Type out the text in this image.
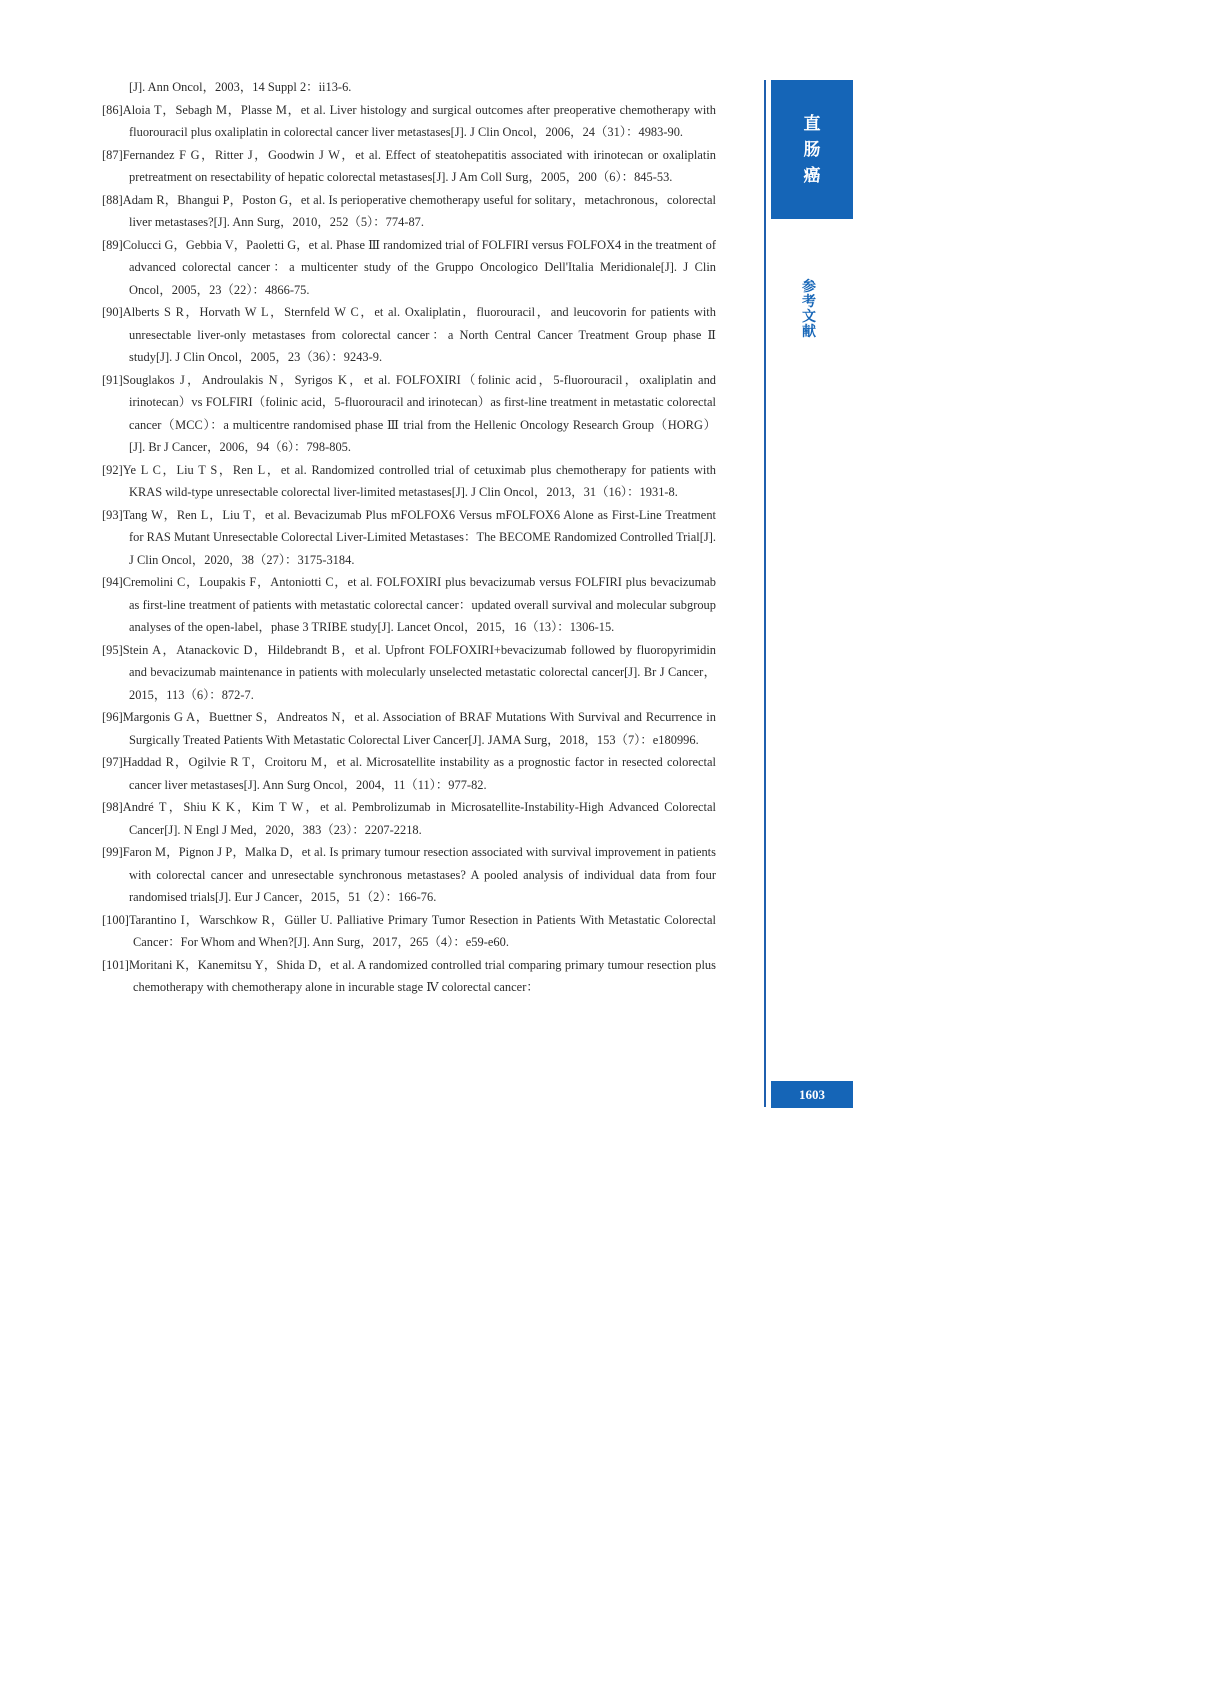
[J]. Ann Oncol，2003，14 Suppl 2：ii13-6.

[86]Aloia T，Sebagh M，Plasse M，et al. Liver histology and surgical outcomes after preoperative chemotherapy with fluorouracil plus oxaliplatin in colorectal cancer liver metastases[J]. J Clin Oncol，2006，24（31）：4983-90.

[87]Fernandez F G，Ritter J，Goodwin J W，et al. Effect of steatohepatitis associated with irinotecan or oxaliplatin pretreatment on resectability of hepatic colorectal metastases[J]. J Am Coll Surg，2005，200（6）：845-53.

[88]Adam R，Bhangui P，Poston G，et al. Is perioperative chemotherapy useful for solitary，metachronous，colorectal liver metastases?[J]. Ann Surg，2010，252（5）：774-87.

[89]Colucci G，Gebbia V，Paoletti G，et al. Phase Ⅲ randomized trial of FOLFIRI versus FOLFOX4 in the treatment of advanced colorectal cancer：a multicenter study of the Gruppo Oncologico Dell'Italia Meridionale[J]. J Clin Oncol，2005，23（22）：4866-75.

[90]Alberts S R，Horvath W L，Sternfeld W C，et al. Oxaliplatin，fluorouracil，and leucovorin for patients with unresectable liver-only metastases from colorectal cancer：a North Central Cancer Treatment Group phase Ⅱ study[J]. J Clin Oncol，2005，23（36）：9243-9.

[91]Souglakos J，Androulakis N，Syrigos K，et al. FOLFOXIRI（folinic acid，5-fluorouracil，oxaliplatin and irinotecan）vs FOLFIRI（folinic acid，5-fluorouracil and irinotecan）as first-line treatment in metastatic colorectal cancer（MCC）：a multicentre randomised phase Ⅲ trial from the Hellenic Oncology Research Group（HORG）[J]. Br J Cancer，2006，94（6）：798-805.

[92]Ye L C，Liu T S，Ren L，et al. Randomized controlled trial of cetuximab plus chemotherapy for patients with KRAS wild-type unresectable colorectal liver-limited metastases[J]. J Clin Oncol，2013，31（16）：1931-8.

[93]Tang W，Ren L，Liu T，et al. Bevacizumab Plus mFOLFOX6 Versus mFOLFOX6 Alone as First-Line Treatment for RAS Mutant Unresectable Colorectal Liver-Limited Metastases：The BECOME Randomized Controlled Trial[J]. J Clin Oncol，2020，38（27）：3175-3184.

[94]Cremolini C，Loupakis F，Antoniotti C，et al. FOLFOXIRI plus bevacizumab versus FOLFIRI plus bevacizumab as first-line treatment of patients with metastatic colorectal cancer：updated overall survival and molecular subgroup analyses of the open-label，phase 3 TRIBE study[J]. Lancet Oncol，2015，16（13）：1306-15.

[95]Stein A，Atanackovic D，Hildebrandt B，et al. Upfront FOLFOXIRI+bevacizumab followed by fluoropyrimidin and bevacizumab maintenance in patients with molecularly unselected metastatic colorectal cancer[J]. Br J Cancer，2015，113（6）：872-7.

[96]Margonis G A，Buettner S，Andreatos N，et al. Association of BRAF Mutations With Survival and Recurrence in Surgically Treated Patients With Metastatic Colorectal Liver Cancer[J]. JAMA Surg，2018，153（7）：e180996.

[97]Haddad R，Ogilvie R T，Croitoru M，et al. Microsatellite instability as a prognostic factor in resected colorectal cancer liver metastases[J]. Ann Surg Oncol，2004，11（11）：977-82.

[98]André T，Shiu K K，Kim T W，et al. Pembrolizumab in Microsatellite-Instability-High Advanced Colorectal Cancer[J]. N Engl J Med，2020，383（23）：2207-2218.

[99]Faron M，Pignon J P，Malka D，et al. Is primary tumour resection associated with survival improvement in patients with colorectal cancer and unresectable synchronous metastases? A pooled analysis of individual data from four randomised trials[J]. Eur J Cancer，2015，51（2）：166-76.

[100]Tarantino I，Warschkow R，Güller U. Palliative Primary Tumor Resection in Patients With Metastatic Colorectal Cancer：For Whom and When?[J]. Ann Surg，2017，265（4）：e59-e60.

[101]Moritani K，Kanemitsu Y，Shida D，et al. A randomized controlled trial comparing primary tumour resection plus chemotherapy with chemotherapy alone in incurable stage Ⅳ colorectal cancer：

直
肠
癌
参
考
文
献
1603
